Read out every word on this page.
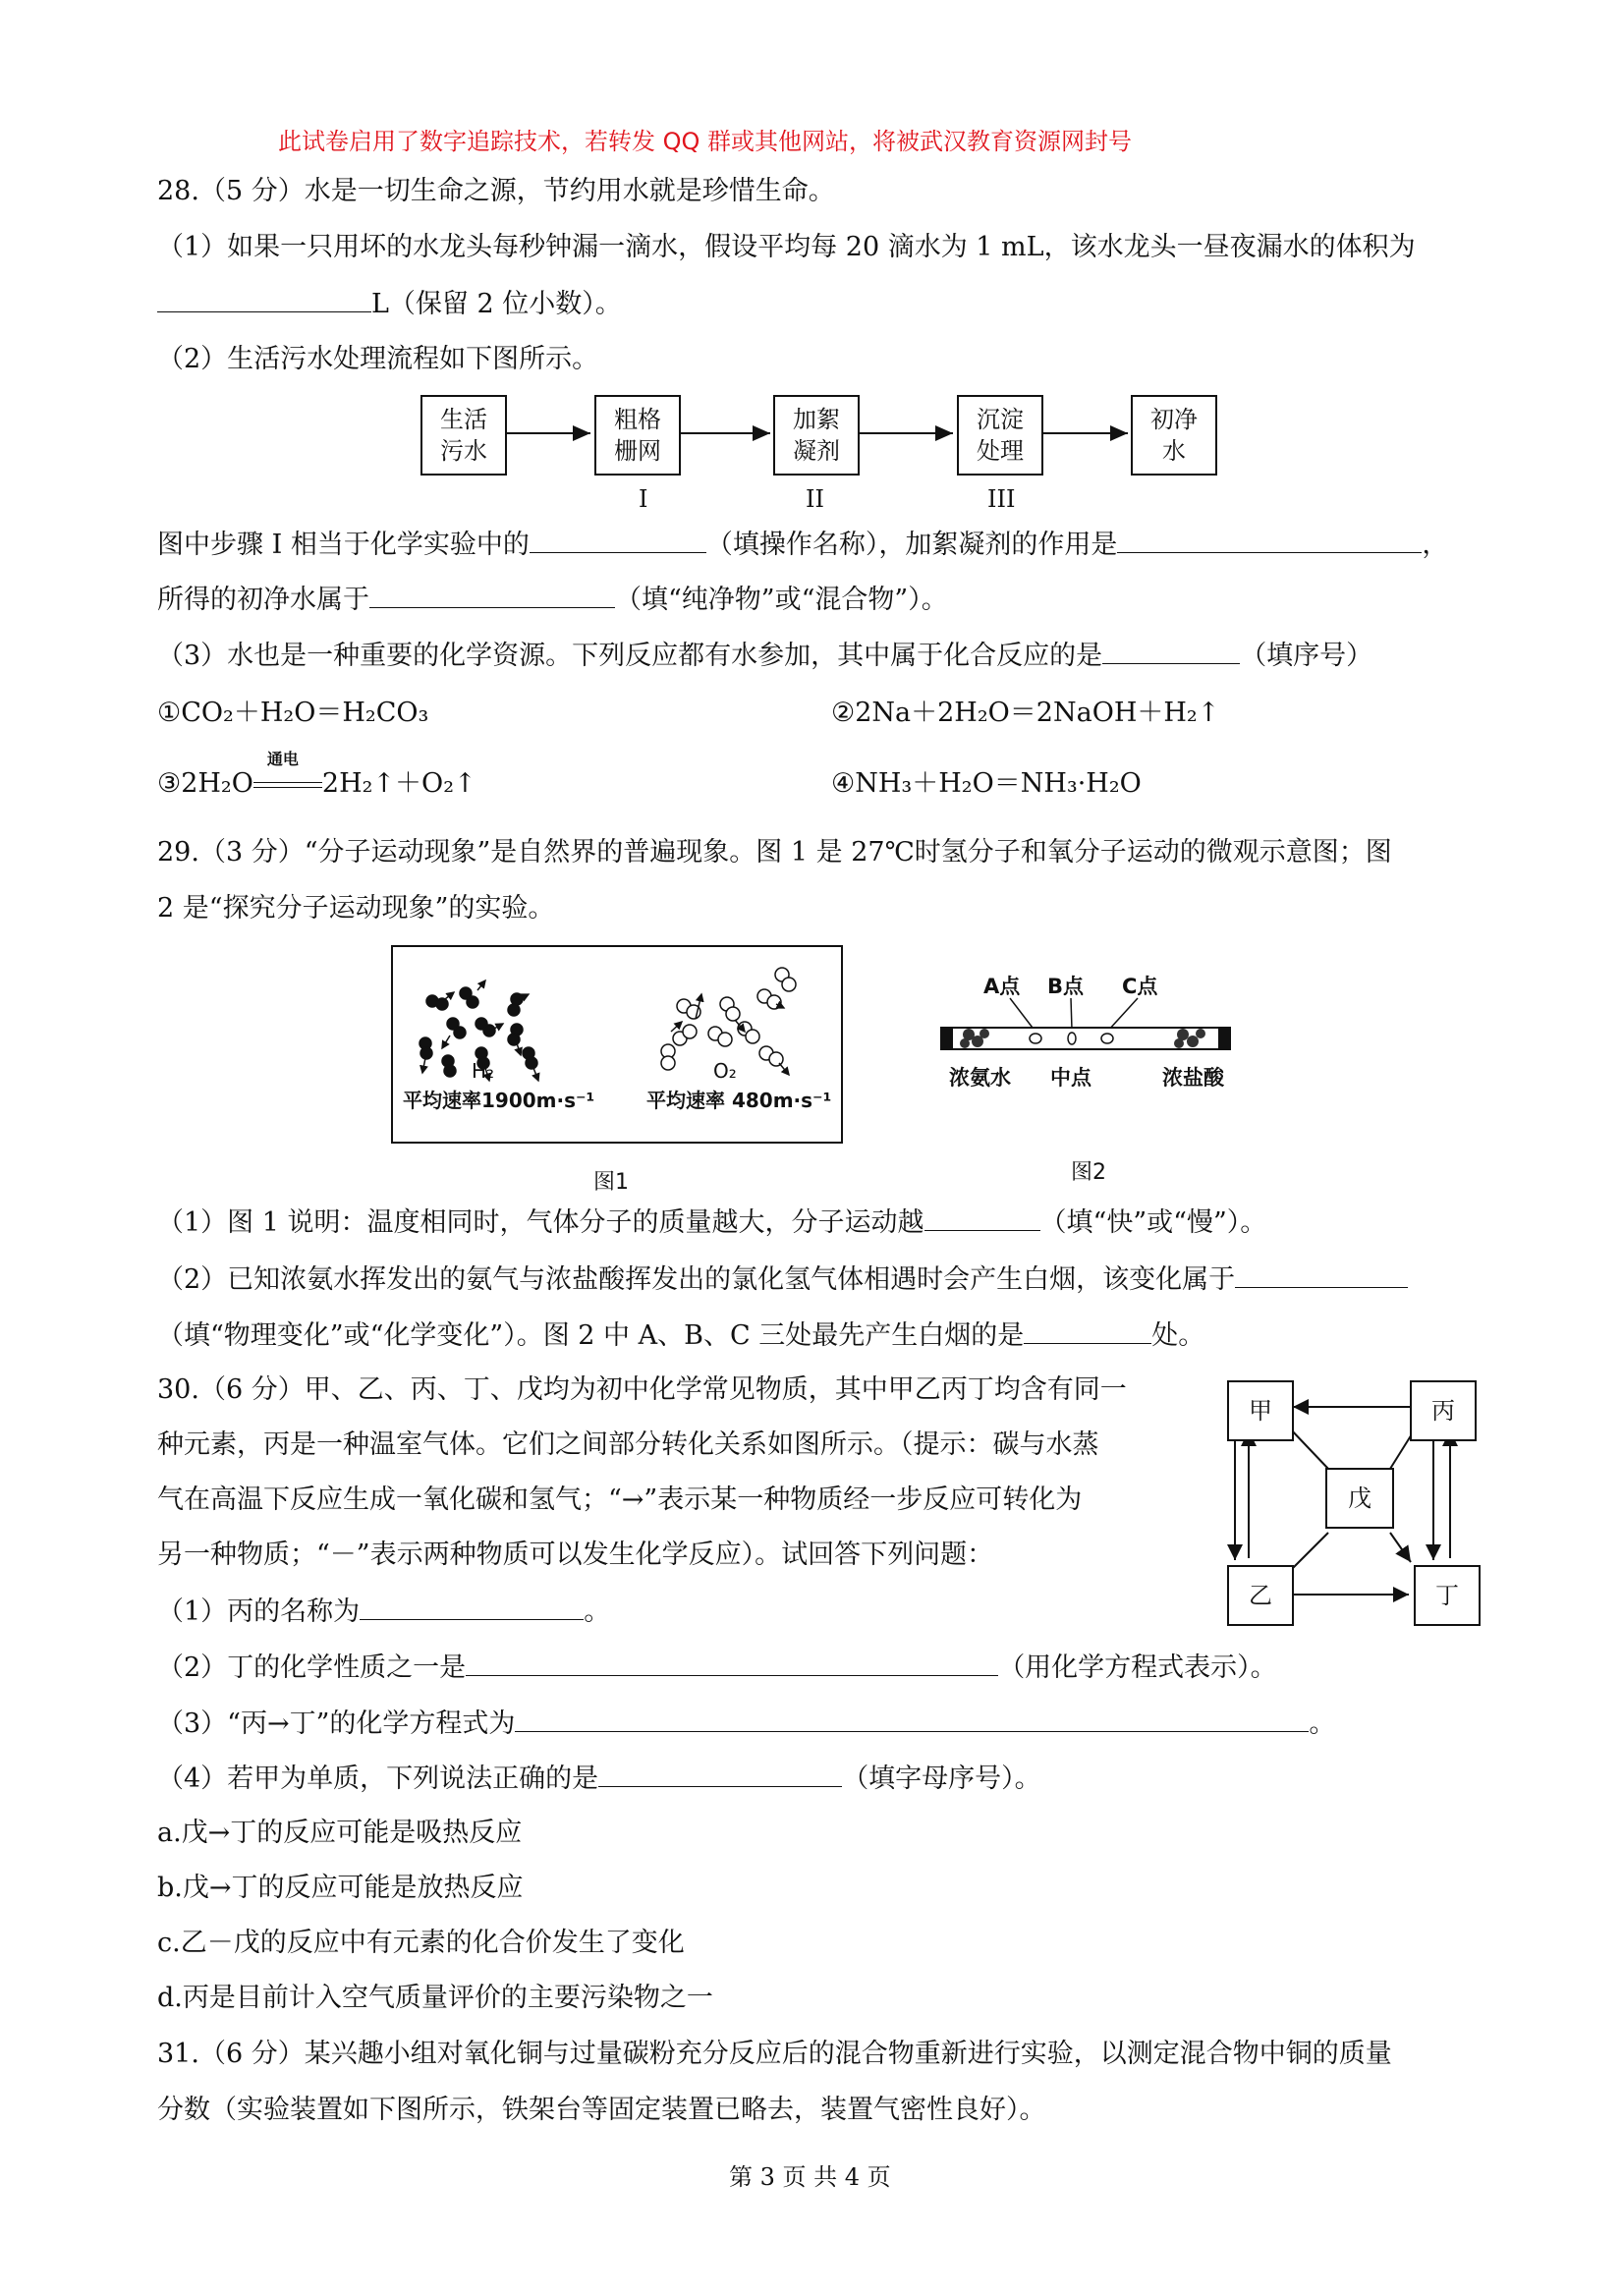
此试卷启用了数字追踪技术，若转发 QQ 群或其他网站，将被武汉教育资源网封号
28.（5 分）水是一切生命之源，节约用水就是珍惜生命。
（1）如果一只用坏的水龙头每秒钟漏一滴水，假设平均每 20 滴水为 1 mL，该水龙头一昼夜漏水的体积为
L（保留 2 位小数）。
（2）生活污水处理流程如下图所示。
生活
污水
粗格
栅网
加絮
凝剂
沉淀
处理
初净
水
I	II	III
图中步骤 I 相当于化学实验中的	（填操作名称），加絮凝剂的作用是	，
所得的初净水属于	（填“纯净物”或“混合物”）。
（3）水也是一种重要的化学资源。下列反应都有水参加，其中属于化合反应的是	（填序号）
①CO₂＋H₂O＝H₂CO₃	②2Na＋2H₂O＝2NaOH＋H₂↑
③2H₂O
通电
2H₂↑＋O₂↑	④NH₃＋H₂O＝NH₃·H₂O
29.（3 分）“分子运动现象”是自然界的普遍现象。图 1 是 27℃时氢分子和氧分子运动的微观示意图；图
2 是“探究分子运动现象”的实验。
H₂
平均速率1900m·s⁻¹
O₂
平均速率 480m·s⁻¹
图1
A点 B点 C点
浓氨水 中点	浓盐酸
图2
（1）图 1 说明：温度相同时，气体分子的质量越大，分子运动越	（填“快”或“慢”）。
（2）已知浓氨水挥发出的氨气与浓盐酸挥发出的氯化氢气体相遇时会产生白烟，该变化属于
（填“物理变化”或“化学变化”）。图 2 中 A、B、C 三处最先产生白烟的是	处。
30.（6 分）甲、乙、丙、丁、戊均为初中化学常见物质，其中甲乙丙丁均含有同一
种元素，丙是一种温室气体。它们之间部分转化关系如图所示。（提示：碳与水蒸
气在高温下反应生成一氧化碳和氢气；“→”表示某一种物质经一步反应可转化为
另一种物质；“－”表示两种物质可以发生化学反应）。试回答下列问题：
甲	丙
戊
乙	丁
（1）丙的名称为	。
（2）丁的化学性质之一是	（用化学方程式表示）。
（3）“丙→丁”的化学方程式为	。
（4）若甲为单质，下列说法正确的是	（填字母序号）。
a.戊→丁的反应可能是吸热反应
b.戊→丁的反应可能是放热反应
c.乙－戊的反应中有元素的化合价发生了变化
d.丙是目前计入空气质量评价的主要污染物之一
31.（6 分）某兴趣小组对氧化铜与过量碳粉充分反应后的混合物重新进行实验，以测定混合物中铜的质量
分数（实验装置如下图所示，铁架台等固定装置已略去，装置气密性良好）。
第 3 页 共 4 页
